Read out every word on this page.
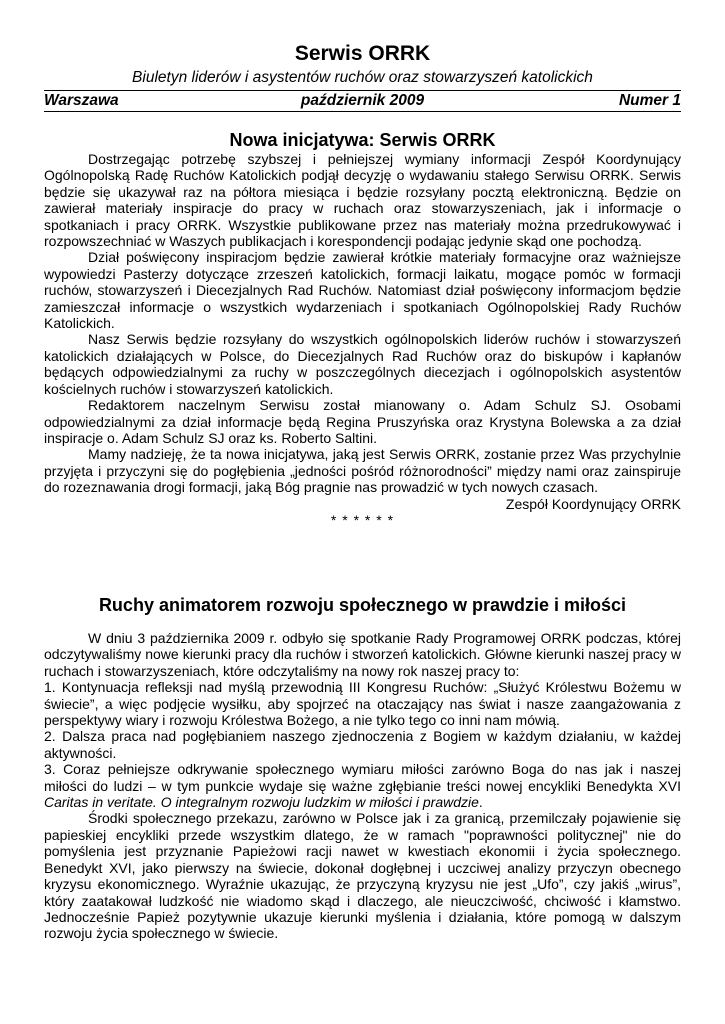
Serwis ORRK
Biuletyn liderów i asystentów ruchów oraz stowarzyszeń katolickich
Warszawa	październik 2009	Numer 1
Nowa inicjatywa: Serwis ORRK

Dostrzegając potrzebę szybszej i pełniejszej wymiany informacji Zespół Koordynujący Ogólnopolską Radę Ruchów Katolickich podjął decyzję o wydawaniu stałego Serwisu ORRK. Serwis będzie się ukazywał raz na półtora miesiąca i będzie rozsyłany pocztą elektroniczną. Będzie on zawierał materiały inspiracje do pracy w ruchach oraz stowarzyszeniach, jak i informacje o spotkaniach i pracy ORRK. Wszystkie publikowane przez nas materiały można przedrukowywać i rozpowszechniać w Waszych publikacjach i korespondencji podając jedynie skąd one pochodzą.

Dział poświęcony inspiracjom będzie zawierał krótkie materiały formacyjne oraz ważniejsze wypowiedzi Pasterzy dotyczące zrzeszeń katolickich, formacji laikatu, mogące pomóc w formacji ruchów, stowarzyszeń i Diecezjalnych Rad Ruchów. Natomiast dział poświęcony informacjom będzie zamieszczał informacje o wszystkich wydarzeniach i spotkaniach Ogólnopolskiej Rady Ruchów Katolickich.

Nasz Serwis będzie rozsyłany do wszystkich ogólnopolskich liderów ruchów i stowarzyszeń katolickich działających w Polsce, do Diecezjalnych Rad Ruchów oraz do biskupów i kapłanów będących odpowiedzialnymi za ruchy w poszczególnych diecezjach i ogólnopolskich asystentów kościelnych ruchów i stowarzyszeń katolickich.

Redaktorem naczelnym Serwisu został mianowany o. Adam Schulz SJ. Osobami odpowiedzialnymi za dział informacje będą Regina Pruszyńska oraz Krystyna Bolewska a za dział inspiracje o. Adam Schulz SJ oraz ks. Roberto Saltini.

Mamy nadzieję, że ta nowa inicjatywa, jaką jest Serwis ORRK, zostanie przez Was przychylnie przyjęta i przyczyni się do pogłębienia „jedności pośród różnorodności” między nami oraz zainspiruje do rozeznawania drogi formacji, jaką Bóg pragnie nas prowadzić w tych nowych czasach.

Zespół Koordynujący ORRK

* * * * * *

Ruchy animatorem rozwoju społecznego w prawdzie i miłości

W dniu 3 października 2009 r. odbyło się spotkanie Rady Programowej ORRK podczas, której odczytywaliśmy nowe kierunki pracy dla ruchów i stworzeń katolickich. Główne kierunki naszej pracy w ruchach i stowarzyszeniach, które odczytaliśmy na nowy rok naszej pracy to:

1. Kontynuacja refleksji nad myślą przewodnią III Kongresu Ruchów: „Służyć Królestwu Bożemu w świecie”, a więc podjęcie wysiłku, aby spojrzeć na otaczający nas świat i nasze zaangażowania z perspektywy wiary i rozwoju Królestwa Bożego, a nie tylko tego co inni nam mówią.

2. Dalsza praca nad pogłębianiem naszego zjednoczenia z Bogiem w każdym działaniu, w każdej aktywności.

3. Coraz pełniejsze odkrywanie społecznego wymiaru miłości zarówno Boga do nas jak i naszej miłości do ludzi – w tym punkcie wydaje się ważne zgłębianie treści nowej encykliki Benedykta XVI Caritas in veritate. O integralnym rozwoju ludzkim w miłości i prawdzie.

Środki społecznego przekazu, zarówno w Polsce jak i za granicą, przemilczały pojawienie się papieskiej encykliki przede wszystkim dlatego, że w ramach "poprawności politycznej" nie do pomyślenia jest przyznanie Papieżowi racji nawet w kwestiach ekonomii i życia społecznego. Benedykt XVI, jako pierwszy na świecie, dokonał dogłębnej i uczciwej analizy przyczyn obecnego kryzysu ekonomicznego. Wyraźnie ukazując, że przyczyną kryzysu nie jest „Ufo”, czy jakiś „wirus”, który zaatakował ludzkość nie wiadomo skąd i dlaczego, ale nieuczciwość, chciwość i kłamstwo. Jednocześnie Papież pozytywnie ukazuje kierunki myślenia i działania, które pomogą w dalszym rozwoju życia społecznego w świecie.
